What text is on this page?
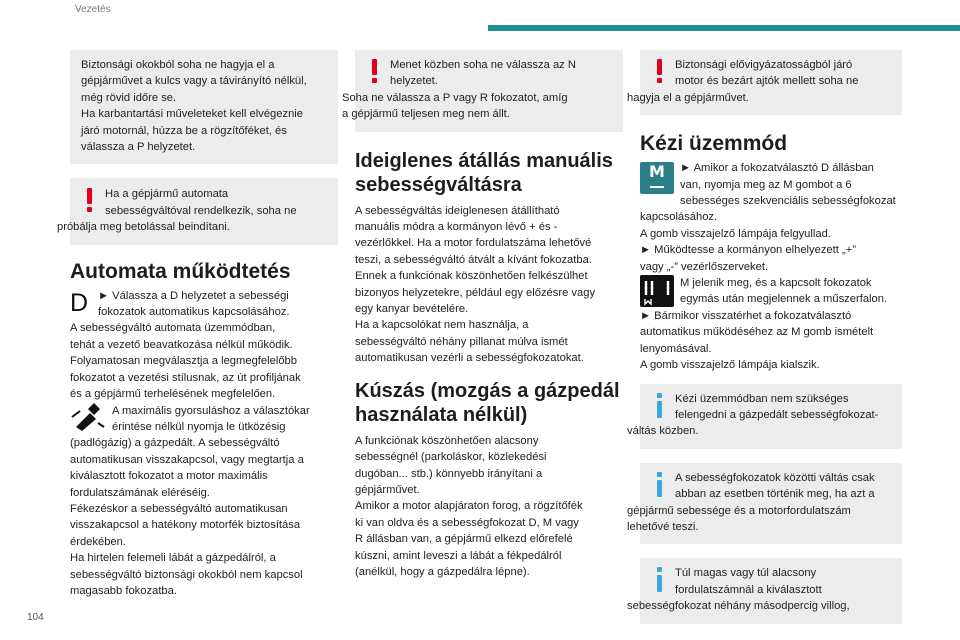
Vezetés

Biztonsági okokból soha ne hagyja el a

gépjárművet a kulcs vagy a távirányító nélkül,

még rövid időre se.

Ha karbantartási műveleteket kell elvégeznie

járó motornál, húzza be a rögzítőféket, és

válassza a P helyzetet.

Ha a gépjármű automata

sebességváltóval rendelkezik, soha ne

próbálja meg betolással beindítani.

Automata működtetés
D ► Válassza a D helyzetet a sebességi

fokozatok automatikus kapcsolásához.

A sebességváltó automata üzemmódban,

tehát a vezető beavatkozása nélkül működik.

Folyamatosan megválasztja a legmegfelelőbb

fokozatot a vezetési stílusnak, az út profiljának

és a gépjármű terhelésének megfelelően.

A maximális gyorsuláshoz a választókar

érintése nélkül nyomja le ütközésig

(padlógázig) a gázpedált. A sebességváltó

automatikusan visszakapcsol, vagy megtartja a

kiválasztott fokozatot a motor maximális

fordulatszámának eléréséig.

Fékezéskor a sebességváltó automatikusan

visszakapcsol a hatékony motorfék biztosítása

érdekében.

Ha hirtelen felemeli lábát a gázpedálról, a

sebességváltó biztonsági okokból nem kapcsol

magasabb fokozatba.

Menet közben soha ne válassza az N

helyzetet.

Soha ne válassza a P vagy R fokozatot, amíg

a gépjármű teljesen meg nem állt.

Ideiglenes átállás manuális
sebességváltásra

A sebességváltás ideiglenesen átállítható

manuális módra a kormányon lévő + és -

vezérlőkkel. Ha a motor fordulatszáma lehetővé

teszi, a sebességváltó átvált a kívánt fokozatba.

Ennek a funkciónak köszönhetően felkészülhet

bizonyos helyzetekre, például egy előzésre vagy

egy kanyar bevételére.

Ha a kapcsolókat nem használja, a

sebességváltó néhány pillanat múlva ismét

automatikusan vezérli a sebességfokozatokat.

Kúszás (mozgás a gázpedál
használata nélkül)

A funkciónak köszönhetően alacsony

sebességnél (parkoláskor, közlekedési

dugóban... stb.) könnyebb irányítani a

gépjárművet.

Amikor a motor alapjáraton forog, a rögzítőfék

ki van oldva és a sebességfokozat D, M vagy

R állásban van, a gépjármű elkezd előrefelé

kúszni, amint leveszi a lábát a fékpedálról

(anélkül, hogy a gázpedálra lépne).

Biztonsági elővigyázatosságból járó

motor és bezárt ajtók mellett soha ne

hagyja el a gépjárművet.

Kézi üzemmód
M	► Amikor a fokozatválasztó D állásban

van, nyomja meg az M gombot a 6

sebességes szekvenciális sebességfokozat

kapcsolásához.

A gomb visszajelző lámpája felgyullad.

► Működtesse a kormányon elhelyezett „+”

vagy „-” vezérlőszerveket.

M jelenik meg, és a kapcsolt fokozatok

egymás után megjelennek a műszerfalon.

► Bármikor visszatérhet a fokozatválasztó

automatikus működéséhez az M gomb ismételt

lenyomásával.

A gomb visszajelző lámpája kialszik.

Kézi üzemmódban nem szükséges

felengedni a gázpedált sebességfokozat-

váltás közben.

A sebességfokozatok közötti váltás csak

abban az esetben történik meg, ha azt a

gépjármű sebessége és a motorfordulatszám

lehetővé teszi.

Túl magas vagy túl alacsony

fordulatszámnál a kiválasztott

sebességfokozat néhány másodpercig villog,

104
